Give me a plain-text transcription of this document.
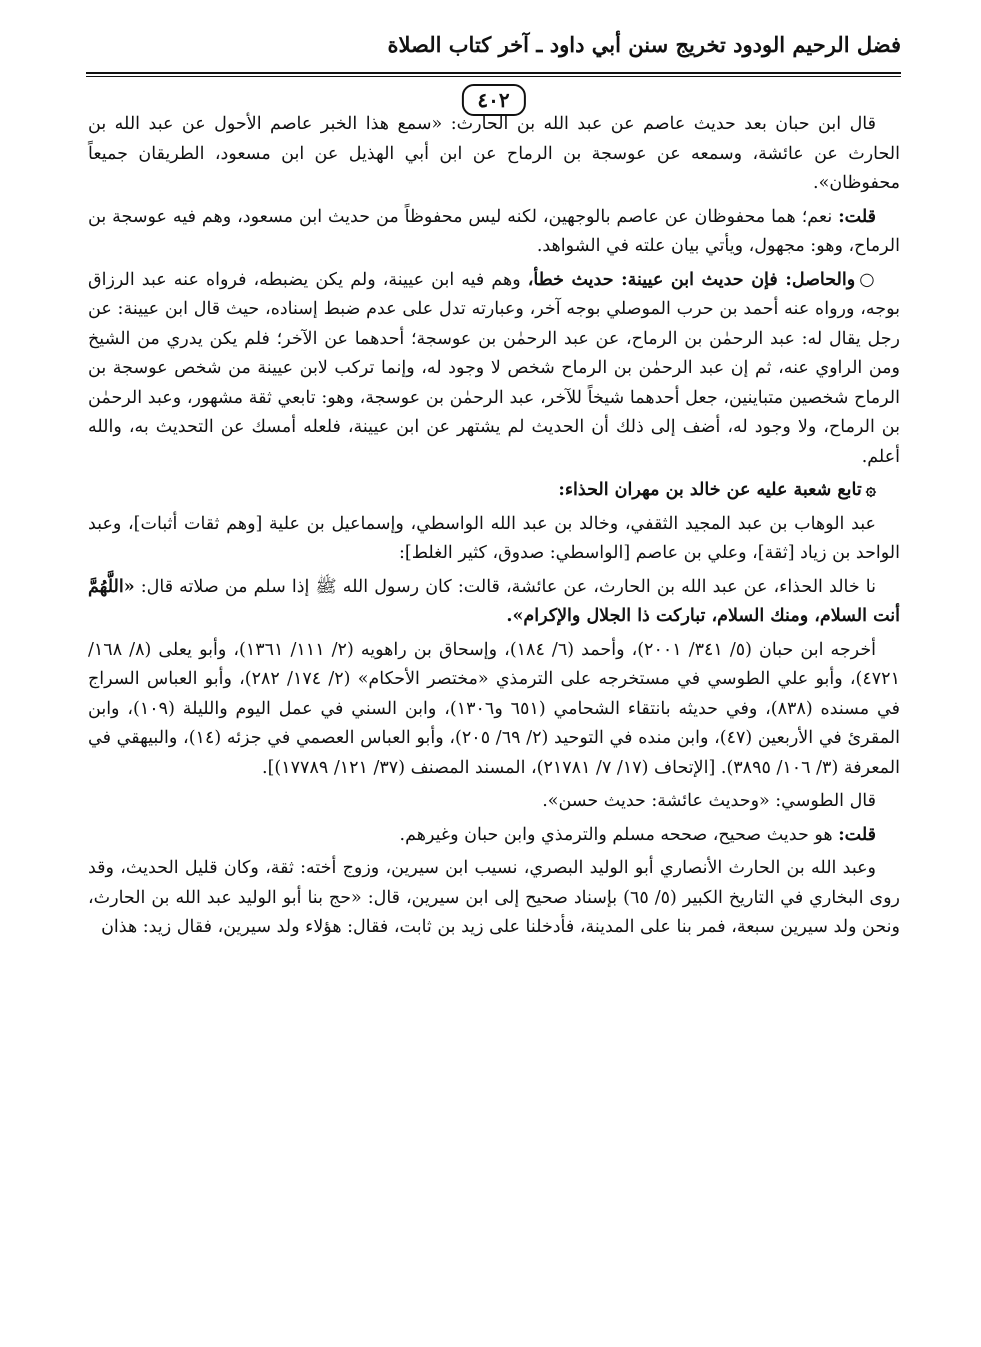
فضل الرحيم الودود تخريج سنن أبي داود ـ آخر كتاب الصلاة
٤٠٢

قال ابن حبان بعد حديث عاصم عن عبد الله بن الحارث: «سمع هذا الخبر عاصم الأحول عن عبد الله بن الحارث عن عائشة، وسمعه عن عوسجة بن الرماح عن ابن أبي الهذيل عن ابن مسعود، الطريقان جميعاً محفوظان».

قلت: نعم؛ هما محفوظان عن عاصم بالوجهين، لكنه ليس محفوظاً من حديث ابن مسعود، وهم فيه عوسجة بن الرماح، وهو: مجهول، ويأتي بيان علته في الشواهد.

○والحاصل: فإن حديث ابن عيينة: حديث خطأ، وهم فيه ابن عيينة، ولم يكن يضبطه، فرواه عنه عبد الرزاق بوجه، ورواه عنه أحمد بن حرب الموصلي بوجه آخر، وعبارته تدل على عدم ضبط إسناده، حيث قال ابن عيينة: عن رجل يقال له: عبد الرحمٰن بن الرماح، عن عبد الرحمٰن بن عوسجة؛ أحدهما عن الآخر؛ فلم يكن يدري من الشيخ ومن الراوي عنه، ثم إن عبد الرحمٰن بن الرماح شخص لا وجود له، وإنما تركب لابن عيينة من شخص عوسجة بن الرماح شخصين متباينين، جعل أحدهما شيخاً للآخر، عبد الرحمٰن بن عوسجة، وهو: تابعي ثقة مشهور، وعبد الرحمٰن بن الرماح، ولا وجود له، أضف إلى ذلك أن الحديث لم يشتهر عن ابن عيينة، فلعله أمسك عن التحديث به، والله أعلم.

۞تابع شعبة عليه عن خالد بن مهران الحذاء:

عبد الوهاب بن عبد المجيد الثقفي، وخالد بن عبد الله الواسطي، وإسماعيل بن علية [وهم ثقات أثبات]، وعبد الواحد بن زياد [ثقة]، وعلي بن عاصم [الواسطي: صدوق، كثير الغلط]:

نا خالد الحذاء، عن عبد الله بن الحارث، عن عائشة، قالت: كان رسول الله ﷺ إذا سلم من صلاته قال: «اللَّهُمَّ أنت السلام، ومنك السلام، تباركت ذا الجلال والإكرام».

أخرجه ابن حبان (٥/ ٣٤١/ ٢٠٠١)، وأحمد (٦/ ١٨٤)، وإسحاق بن راهويه (٢/ ١١١/ ١٣٦١)، وأبو يعلى (٨/ ١٦٨/ ٤٧٢١)، وأبو علي الطوسي في مستخرجه على الترمذي «مختصر الأحكام» (٢/ ١٧٤/ ٢٨٢)، وأبو العباس السراج في مسنده (٨٣٨)، وفي حديثه بانتقاء الشحامي (٦٥١ و١٣٠٦)، وابن السني في عمل اليوم والليلة (١٠٩)، وابن المقرئ في الأربعين (٤٧)، وابن منده في التوحيد (٢/ ٦٩/ ٢٠٥)، وأبو العباس العصمي في جزئه (١٤)، والبيهقي في المعرفة (٣/ ١٠٦/ ٣٨٩٥). [الإتحاف (١٧/ ٧/ ٢١٧٨١)، المسند المصنف (٣٧/ ١٢١/ ١٧٧٨٩)].

قال الطوسي: «وحديث عائشة: حديث حسن».

قلت: هو حديث صحيح، صححه مسلم والترمذي وابن حبان وغيرهم.

وعبد الله بن الحارث الأنصاري أبو الوليد البصري، نسيب ابن سيرين، وزوج أخته: ثقة، وكان قليل الحديث، وقد روى البخاري في التاريخ الكبير (٥/ ٦٥) بإسناد صحيح إلى ابن سيرين، قال: «حج بنا أبو الوليد عبد الله بن الحارث، ونحن ولد سيرين سبعة، فمر بنا على المدينة، فأدخلنا على زيد بن ثابت، فقال: هؤلاء ولد سيرين، فقال زيد: هذان
